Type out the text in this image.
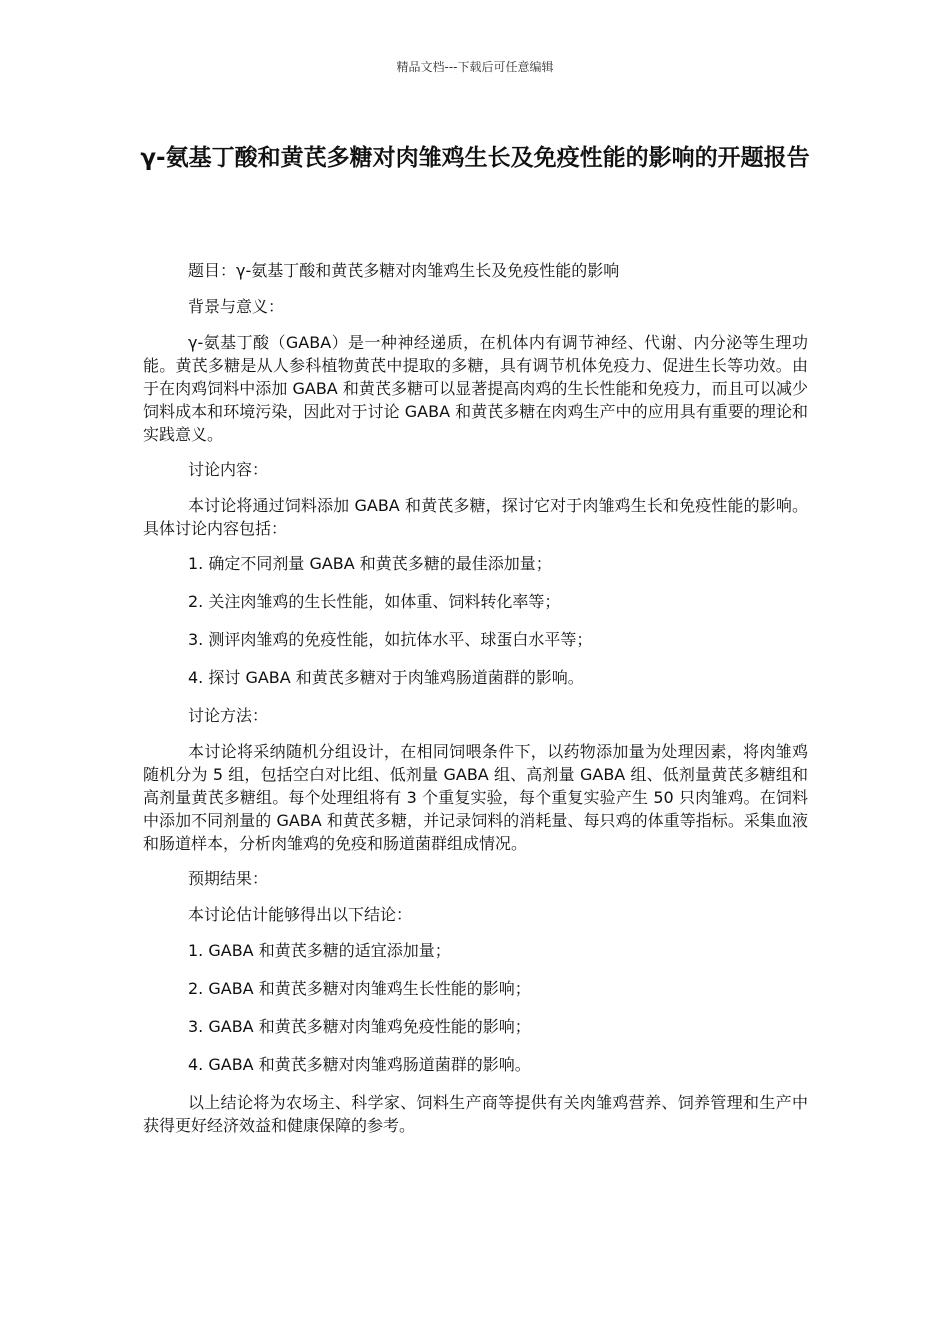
精品文档---下载后可任意编辑
γ-氨基丁酸和黄芪多糖对肉雏鸡生长及免疫性能的影响的开题报告

题目：γ-氨基丁酸和黄芪多糖对肉雏鸡生长及免疫性能的影响

背景与意义：

γ-氨基丁酸（GABA）是一种神经递质，在机体内有调节神经、代谢、内分泌等生理功能。黄芪多糖是从人参科植物黄芪中提取的多糖，具有调节机体免疫力、促进生长等功效。由于在肉鸡饲料中添加 GABA 和黄芪多糖可以显著提高肉鸡的生长性能和免疫力，而且可以减少饲料成本和环境污染，因此对于讨论 GABA 和黄芪多糖在肉鸡生产中的应用具有重要的理论和实践意义。

讨论内容：

本讨论将通过饲料添加 GABA 和黄芪多糖，探讨它对于肉雏鸡生长和免疫性能的影响。具体讨论内容包括：

1. 确定不同剂量 GABA 和黄芪多糖的最佳添加量；

2. 关注肉雏鸡的生长性能，如体重、饲料转化率等；

3. 测评肉雏鸡的免疫性能，如抗体水平、球蛋白水平等；

4. 探讨 GABA 和黄芪多糖对于肉雏鸡肠道菌群的影响。

讨论方法：

本讨论将采纳随机分组设计，在相同饲喂条件下，以药物添加量为处理因素，将肉雏鸡随机分为 5 组，包括空白对比组、低剂量 GABA 组、高剂量 GABA 组、低剂量黄芪多糖组和高剂量黄芪多糖组。每个处理组将有 3 个重复实验，每个重复实验产生 50 只肉雏鸡。在饲料中添加不同剂量的 GABA 和黄芪多糖，并记录饲料的消耗量、每只鸡的体重等指标。采集血液和肠道样本，分析肉雏鸡的免疫和肠道菌群组成情况。

预期结果：

本讨论估计能够得出以下结论：

1. GABA 和黄芪多糖的适宜添加量；

2. GABA 和黄芪多糖对肉雏鸡生长性能的影响；

3. GABA 和黄芪多糖对肉雏鸡免疫性能的影响；

4. GABA 和黄芪多糖对肉雏鸡肠道菌群的影响。

以上结论将为农场主、科学家、饲料生产商等提供有关肉雏鸡营养、饲养管理和生产中获得更好经济效益和健康保障的参考。
